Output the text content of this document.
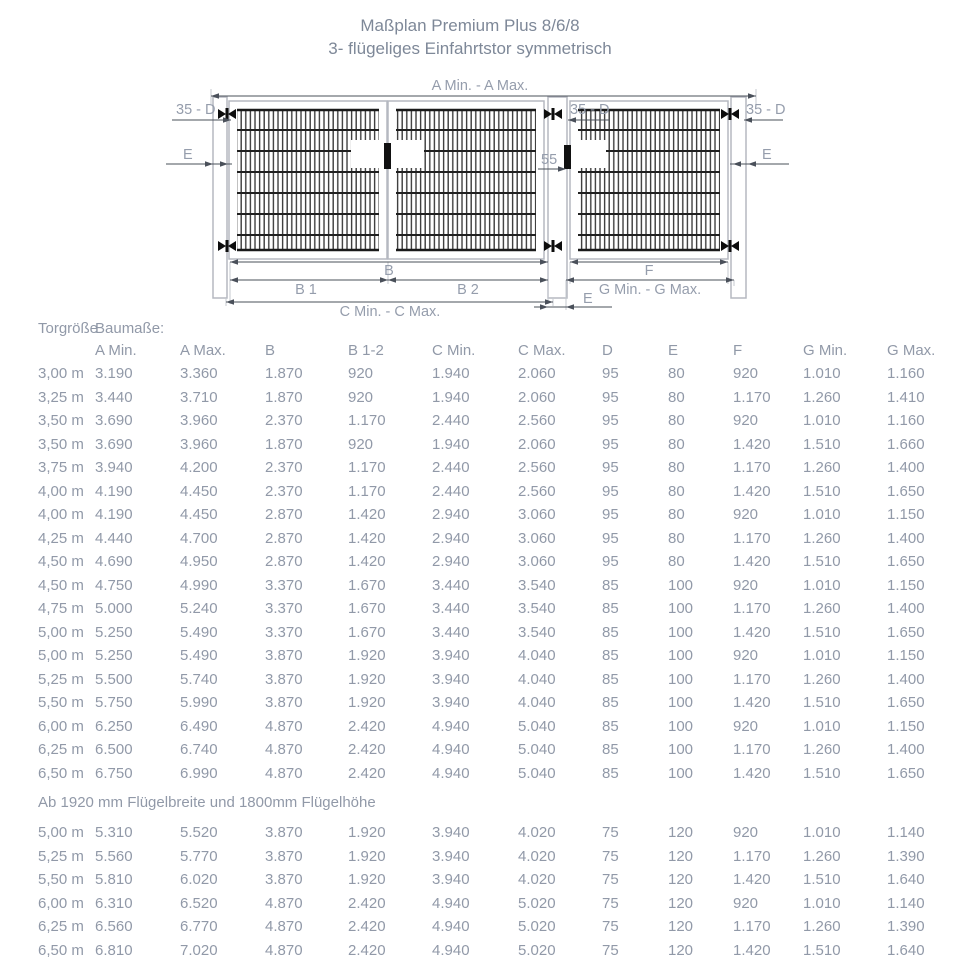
Maßplan Premium Plus 8/6/8
3- flügeliges Einfahrtstor symmetrisch
A Min. - A Max.
35 - D	35 - D	35 - D
E	E
55
B
B 1	B 2
C Min. - C Max.
F
G Min. - G Max.
E
Torgröße
Baumaße:
A Min.	A Max.	B	B 1-2	C Min.	C Max.	D	E	F	G Min.	G Max.
3,00 m 3.190	3.360	1.870	920	1.940	2.060	95	80	920	1.010	1.160
3,25 m 3.440	3.710	1.870	920	1.940	2.060	95	80	1.170	1.260	1.410
3,50 m 3.690	3.960	2.370	1.170	2.440	2.560	95	80	920	1.010	1.160
3,50 m 3.690	3.960	1.870	920	1.940	2.060	95	80	1.420	1.510	1.660
3,75 m 3.940	4.200	2.370	1.170	2.440	2.560	95	80	1.170	1.260	1.400
4,00 m 4.190	4.450	2.370	1.170	2.440	2.560	95	80	1.420	1.510	1.650
4,00 m 4.190	4.450	2.870	1.420	2.940	3.060	95	80	920	1.010	1.150
4,25 m 4.440	4.700	2.870	1.420	2.940	3.060	95	80	1.170	1.260	1.400
4,50 m 4.690	4.950	2.870	1.420	2.940	3.060	95	80	1.420	1.510	1.650
4,50 m 4.750	4.990	3.370	1.670	3.440	3.540	85	100	920	1.010	1.150
4,75 m 5.000	5.240	3.370	1.670	3.440	3.540	85	100	1.170	1.260	1.400
5,00 m 5.250	5.490	3.370	1.670	3.440	3.540	85	100	1.420	1.510	1.650
5,00 m 5.250	5.490	3.870	1.920	3.940	4.040	85	100	920	1.010	1.150
5,25 m 5.500	5.740	3.870	1.920	3.940	4.040	85	100	1.170	1.260	1.400
5,50 m 5.750	5.990	3.870	1.920	3.940	4.040	85	100	1.420	1.510	1.650
6,00 m 6.250	6.490	4.870	2.420	4.940	5.040	85	100	920	1.010	1.150
6,25 m 6.500	6.740	4.870	2.420	4.940	5.040	85	100	1.170	1.260	1.400
6,50 m 6.750	6.990	4.870	2.420	4.940	5.040	85	100	1.420	1.510	1.650
Ab 1920 mm Flügelbreite und 1800mm Flügelhöhe
5,00 m 5.310	5.520	3.870	1.920	3.940	4.020	75	120	920	1.010	1.140
5,25 m 5.560	5.770	3.870	1.920	3.940	4.020	75	120	1.170	1.260	1.390
5,50 m 5.810	6.020	3.870	1.920	3.940	4.020	75	120	1.420	1.510	1.640
6,00 m 6.310	6.520	4.870	2.420	4.940	5.020	75	120	920	1.010	1.140
6,25 m 6.560	6.770	4.870	2.420	4.940	5.020	75	120	1.170	1.260	1.390
6,50 m 6.810	7.020	4.870	2.420	4.940	5.020	75	120	1.420	1.510	1.640
